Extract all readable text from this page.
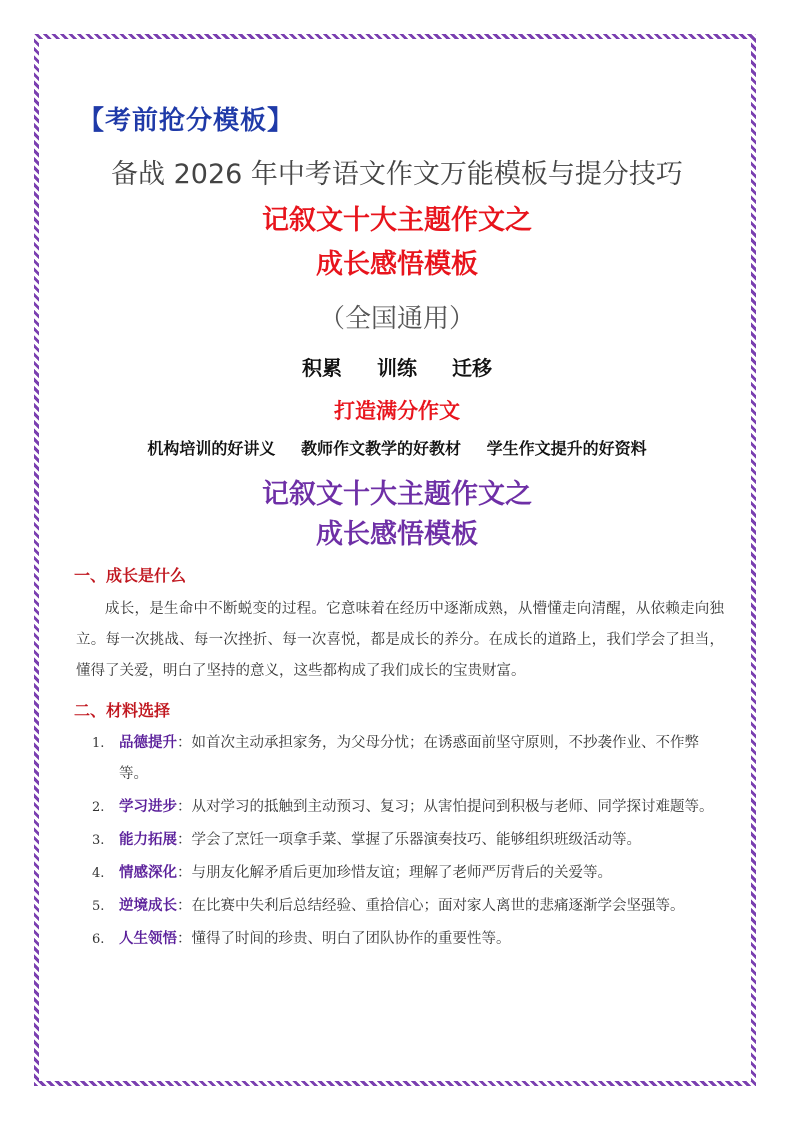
【考前抢分模板】
备战 2026 年中考语文作文万能模板与提分技巧
记叙文十大主题作文之
成长感悟模板
（全国通用）
积累 训练 迁移
打造满分作文
机构培训的好讲义 教师作文教学的好教材 学生作文提升的好资料
记叙文十大主题作文之
成长感悟模板
一、成长是什么
成长，是生命中不断蜕变的过程。它意味着在经历中逐渐成熟，从懵懂走向清醒，从依赖走向独立。每一次挑战、每一次挫折、每一次喜悦，都是成长的养分。在成长的道路上，我们学会了担当，懂得了关爱，明白了坚持的意义，这些都构成了我们成长的宝贵财富。
二、材料选择
1. 品德提升：如首次主动承担家务，为父母分忧；在诱惑面前坚守原则，不抄袭作业、不作弊等。
2. 学习进步：从对学习的抵触到主动预习、复习；从害怕提问到积极与老师、同学探讨难题等。
3. 能力拓展：学会了烹饪一项拿手菜、掌握了乐器演奏技巧、能够组织班级活动等。
4. 情感深化：与朋友化解矛盾后更加珍惜友谊；理解了老师严厉背后的关爱等。
5. 逆境成长：在比赛中失利后总结经验、重拾信心；面对家人离世的悲痛逐渐学会坚强等。
6. 人生领悟：懂得了时间的珍贵、明白了团队协作的重要性等。
